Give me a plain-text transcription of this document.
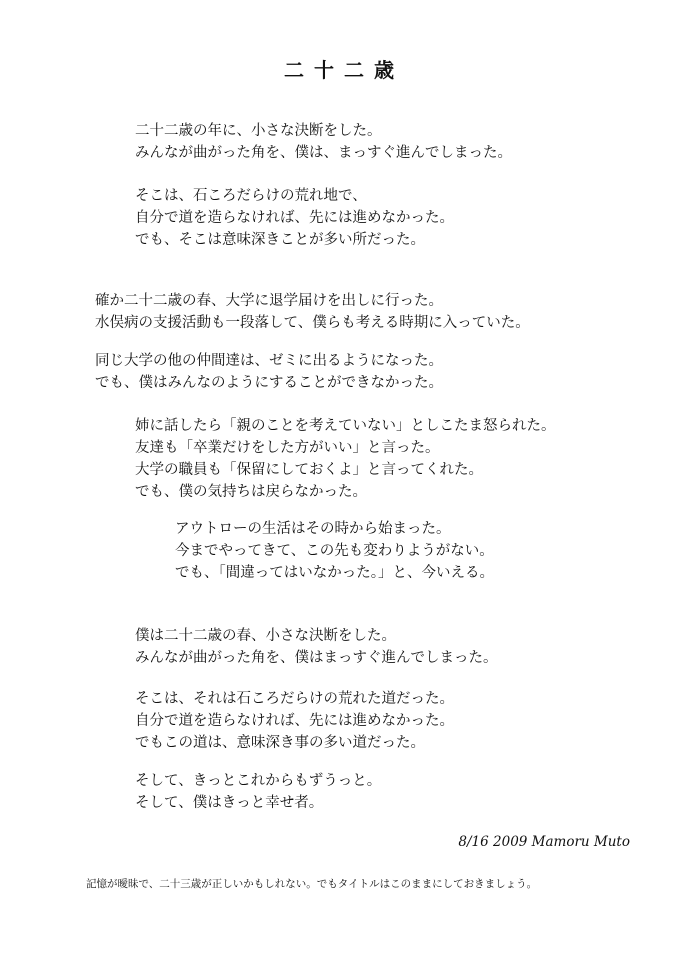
二十二歳
二十二歳の年に、小さな決断をした。
みんなが曲がった角を、僕は、まっすぐ進んでしまった。
そこは、石ころだらけの荒れ地で、
自分で道を造らなければ、先には進めなかった。
でも、そこは意味深きことが多い所だった。
確か二十二歳の春、大学に退学届けを出しに行った。
水俣病の支援活動も一段落して、僕らも考える時期に入っていた。
同じ大学の他の仲間達は、ゼミに出るようになった。
でも、僕はみんなのようにすることができなかった。
姉に話したら「親のことを考えていない」としこたま怒られた。
友達も「卒業だけをした方がいい」と言った。
大学の職員も「保留にしておくよ」と言ってくれた。
でも、僕の気持ちは戻らなかった。
アウトローの生活はその時から始まった。
今までやってきて、この先も変わりようがない。
でも、「間違ってはいなかった。」と、今いえる。
僕は二十二歳の春、小さな決断をした。
みんなが曲がった角を、僕はまっすぐ進んでしまった。
そこは、それは石ころだらけの荒れた道だった。
自分で道を造らなければ、先には進めなかった。
でもこの道は、意味深き事の多い道だった。
そして、きっとこれからもずうっと。
そして、僕はきっと幸せ者。
8/16 2009 Mamoru Muto
記憶が曖昧で、二十三歳が正しいかもしれない。でもタイトルはこのままにしておきましょう。
